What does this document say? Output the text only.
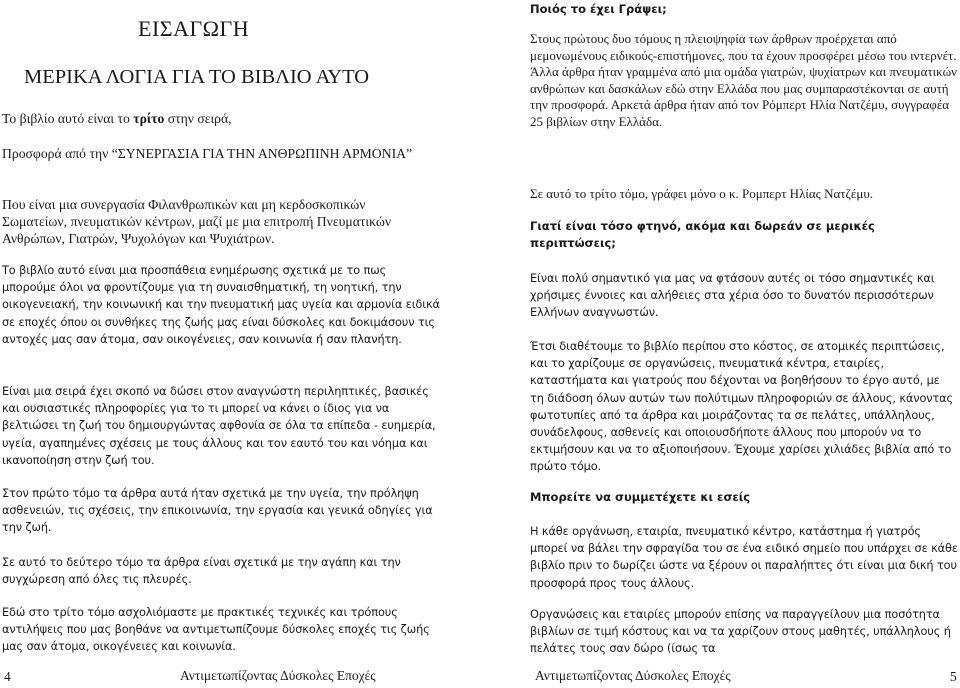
ΕΙΣΑΓΩΓΗ
ΜΕΡΙΚΑ ΛΟΓΙΑ ΓΙΑ ΤΟ ΒΙΒΛΙΟ ΑΥΤΟ

Το βιβλίο αυτό είναι το τρίτο στην σειρά,

Προσφορά από την “ΣΥΝΕΡΓΑΣΙΑ ΓΙΑ ΤΗΝ ΑΝΘΡΩΠΙΝΗ ΑΡΜΟΝΙΑ”

Που είναι μια συνεργασία Φιλανθρωπικών και μη κερδοσκοπικών Σωματείων, πνευματικών κέντρων, μαζί με μια επιτροπή Πνευματικών Ανθρώπων, Γιατρών, Ψυχολόγων και Ψυχιάτρων.

Το βιβλίο αυτό είναι μια προσπάθεια ενημέρωσης σχετικά με το πως μπορούμε όλοι να φροντίζουμε για τη συναισθηματική, τη νοητική, την οικογενειακή, την κοινωνική και την πνευματική μας υγεία και αρμονία ειδικά σε εποχές όπου οι συνθήκες της ζωής μας είναι δύσκολες και δοκιμάσουν τις αντοχές μας σαν άτομα, σαν οικογένειες, σαν κοινωνία ή σαν πλανήτη.

Είναι μια σειρά έχει σκοπό να δώσει στον αναγνώστη περιληπτικές, βασικές και ουσιαστικές πληροφορίες για το τι μπορεί να κάνει ο ίδιος για να βελτιώσει τη ζωή του δημιουργώντας αφθονία σε όλα τα επίπεδα - ευημερία, υγεία, αγαπημένες σχέσεις με τους άλλους και τον εαυτό του και νόημα και ικανοποίηση στην ζωή του.

Στον πρώτο τόμο τα άρθρα αυτά ήταν σχετικά με την υγεία, την πρόληψη ασθενειών, τις σχέσεις, την επικοινωνία, την εργασία και γενικά οδηγίες για την ζωή.

Σε αυτό το δεύτερο τόμο τα άρθρα είναι σχετικά με την αγάπη και την συγχώρεση από όλες τις πλευρές.

Εδώ στο τρίτο τόμο ασχολιόμαστε με πρακτικές τεχνικές και τρόπους αντιλήψεις που μας βοηθάνε να αντιμετωπίζουμε δύσκολες εποχές τις ζωής μας σαν άτομα, οικογένειες και κοινωνία.

4	Αντιμετωπίζοντας Δύσκολες Εποχές
Ποιός το έχει Γράψει;

Στους πρώτους δυο τόμους η πλειοψηφία των άρθρων προέρχεται από μεμονωμένους ειδικούς-επιστήμονες, που τα έχουν προσφέρει μέσω του ιντερνέτ. Άλλα άρθρα ήταν γραμμένα από μια ομάδα γιατρών, ψυχίατρων και πνευματικών ανθρώπων και δασκάλων εδώ στην Ελλάδα που μας συμπαραστέκονται σε αυτή την προσφορά. Αρκετά άρθρα ήταν από τον Ρόμπερτ Ηλία Νατζέμυ, συγγραφέα 25 βιβλίων στην Ελλάδα.

Σε αυτό το τρίτο τόμο, γράφει μόνο ο κ. Ρομπερτ Ηλίας Νατζέμυ.

Γιατί είναι τόσο φτηνό, ακόμα και δωρεάν σε μερικές περιπτώσεις;

Είναι πολύ σημαντικό για μας να φτάσουν αυτές οι τόσο σημαντικές και χρήσιμες έννοιες και αλήθειες στα χέρια όσο το δυνατόν περισσότερων Ελλήνων αναγνωστών.

Έτσι διαθέτουμε το βιβλίο περίπου στο κόστος, σε ατομικές περιπτώσεις, και το χαρίζουμε σε οργανώσεις, πνευματικά κέντρα, εταιρίες, καταστήματα και γιατρούς που δέχονται να βοηθήσουν το έργο αυτό, με τη διάδοση όλων αυτών των πολύτιμων πληροφοριών σε άλλους, κάνοντας φωτοτυπίες από τα άρθρα και μοιράζοντας τα σε πελάτες, υπάλληλους, συνάδελφους, ασθενείς και οποιουσδήποτε άλλους που μπορούν να το εκτιμήσουν και να το αξιοποιήσουν. Έχουμε χαρίσει χιλιάδες βιβλία από το πρώτο τόμο.

Μπορείτε να συμμετέχετε κι εσείς

Η κάθε οργάνωση, εταιρία, πνευματικό κέντρο, κατάστημα ή γιατρός μπορεί να βάλει την σφραγίδα του σε ένα ειδικό σημείο που υπάρχει σε κάθε βιβλίο πριν το δωρίζει ώστε να ξέρουν οι παραλήπτες ότι είναι μια δική του προσφορά προς τους άλλους.

Οργανώσεις και εταιρίες μπορούν επίσης να παραγγείλουν μια ποσότητα βιβλίων σε τιμή κόστους και να τα χαρίζουν στους μαθητές, υπάλληλους ή πελάτες τους σαν δώρο (ίσως τα

Αντιμετωπίζοντας Δύσκολες Εποχές	5
